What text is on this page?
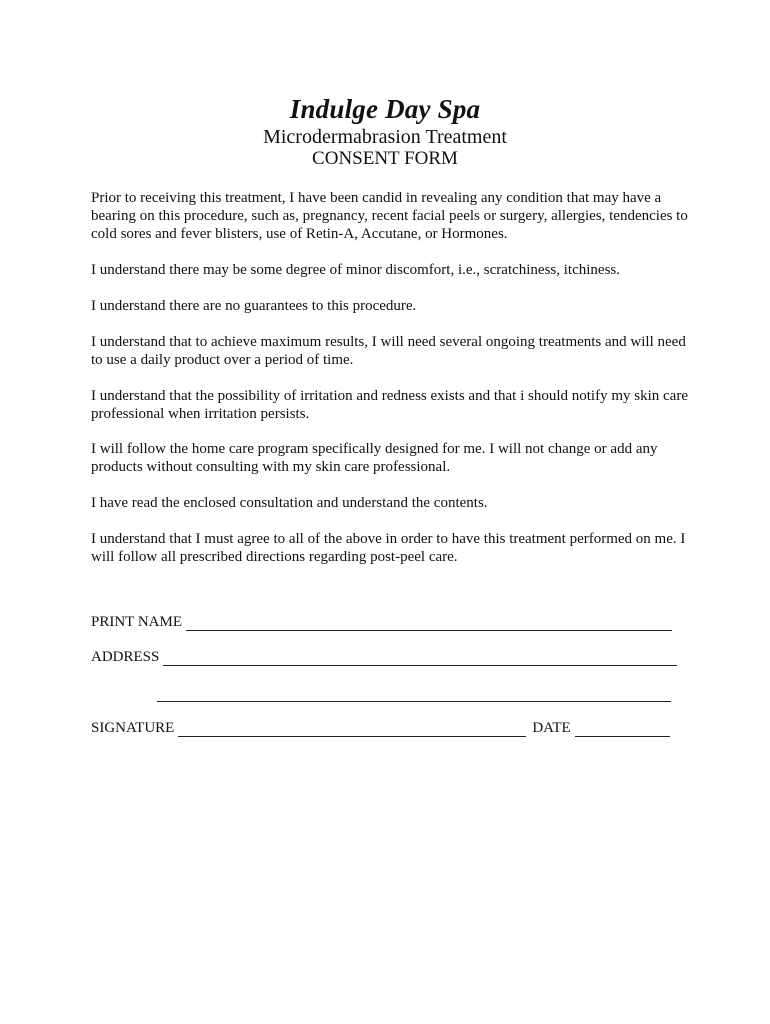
Indulge Day Spa
Microdermabrasion Treatment
CONSENT FORM

Prior to receiving this treatment, I have been candid in revealing any condition that may have a bearing on this procedure, such as, pregnancy, recent facial peels or surgery, allergies, tendencies to cold sores and fever blisters, use of Retin-A, Accutane, or Hormones.

I understand there may be some degree of minor discomfort, i.e., scratchiness, itchiness.

I understand there are no guarantees to this procedure.

I understand that to achieve maximum results, I will need several ongoing treatments and will need to use a daily product over a period of time.

I understand that the possibility of irritation and redness exists and that i should notify my skin care professional when irritation persists.

I will follow the home care program specifically designed for me. I will not change or add any products without consulting with my skin care professional.

I have read the enclosed consultation and understand the contents.

I understand that I must agree to all of the above in order to have this treatment performed on me. I will follow all prescribed directions regarding post-peel care.

PRINT NAME
ADDRESS
SIGNATURE	DATE
